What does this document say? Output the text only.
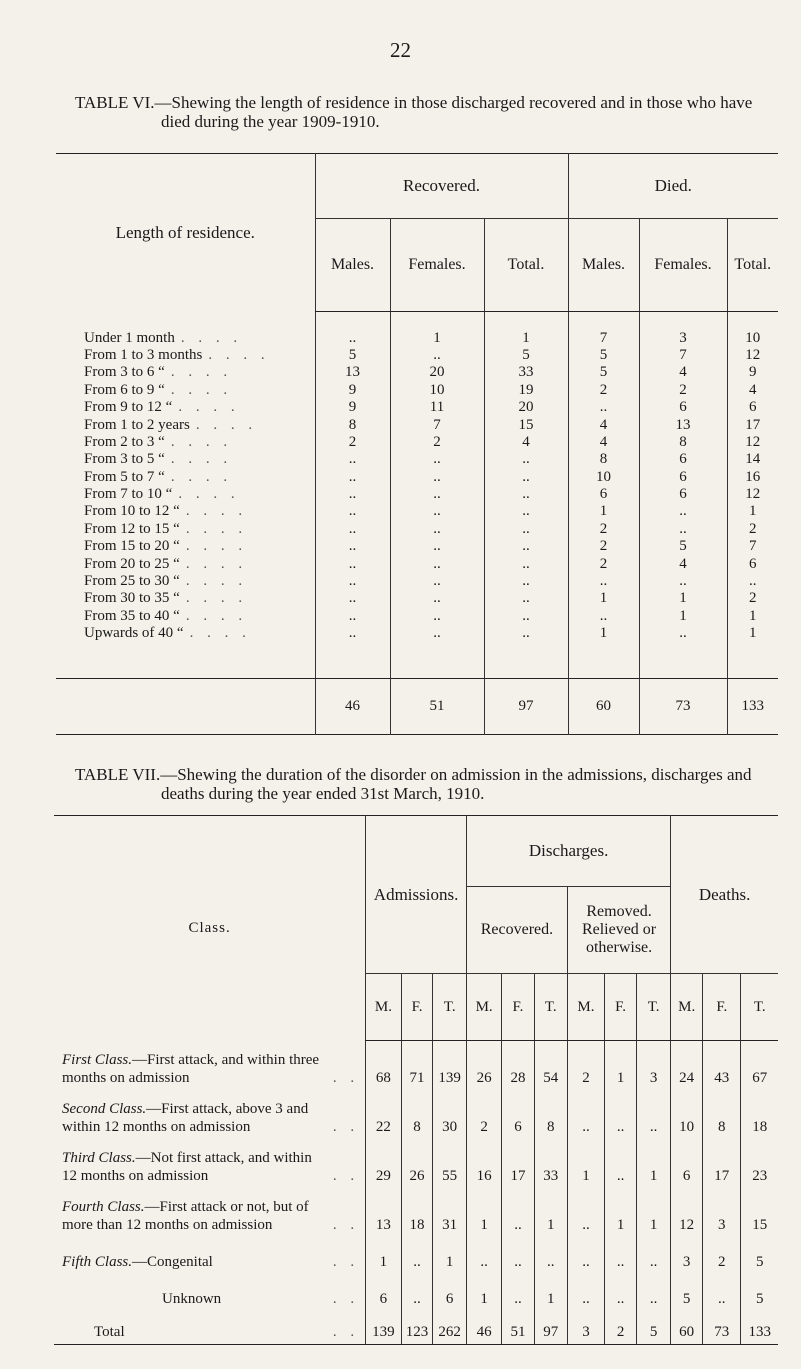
22
TABLE VI.—Shewing the length of residence in those discharged recovered and in those who have
died during the year 1909-1910.
Length of residence.	Recovered.			Died.		
	Males.	Females.	Total.	Males.	Females.	Total.

Under 1 month . . . .	..	1	1	7	3	10
From 1 to 3 months . . . .	5	..	5	5	7	12
From 3 to 6 “ . . . .	13	20	33	5	4	9
From 6 to 9 “ . . . .	9	10	19	2	2	4
From 9 to 12 “ . . . .	9	11	20	..	6	6
From 1 to 2 years . . . .	8	7	15	4	13	17
From 2 to 3 “ . . . .	2	2	4	4	8	12
From 3 to 5 “ . . . .	..	..	..	8	6	14
From 5 to 7 “ . . . .	..	..	..	10	6	16
From 7 to 10 “ . . . .	..	..	..	6	6	12
From 10 to 12 “ . . . .	..	..	..	1	..	1
From 12 to 15 “ . . . .	..	..	..	2	..	2
From 15 to 20 “ . . . .	..	..	..	2	5	7
From 20 to 25 “ . . . .	..	..	..	2	4	6
From 25 to 30 “ . . . .	..	..	..	..	..	..
From 30 to 35 “ . . . .	..	..	..	1	1	2
From 35 to 40 “ . . . .	..	..	..	..	1	1
Upwards of 40 “ . . . .	..	..	..	1	..	1

	46	51	97	60	73	133
TABLE VII.—Shewing the duration of the disorder on admission in the admissions, discharges and
deaths during the year ended 31st March, 1910.
Class.	Admissions.			Discharges.						Deaths.		
				Recovered.			Removed.
Relieved or
otherwise.					

	M.	F.	T.	M.	F.	T.	M.	F.	T.	M.	F.	T.
First Class.—First attack, and within three
months on admission . .	68	71	139	26	28	54	2	1	3	24	43	67
Second Class.—First attack, above 3 and
within 12 months on admission . .	22	8	30	2	6	8	..	..	..	10	8	18
Third Class.—Not first attack, and within
12 months on admission . .	29	26	55	16	17	33	1	..	1	6	17	23
Fourth Class.—First attack or not, but of
more than 12 months on admission . .	13	18	31	1	..	1	..	1	1	12	3	15
Fifth Class.—Congenital . .	1	..	1	..	..	..	..	..	..	3	2	5
Unknown . .	6	..	6	1	..	1	..	..	..	5	..	5
Total . .	139	123	262	46	51	97	3	2	5	60	73	133
